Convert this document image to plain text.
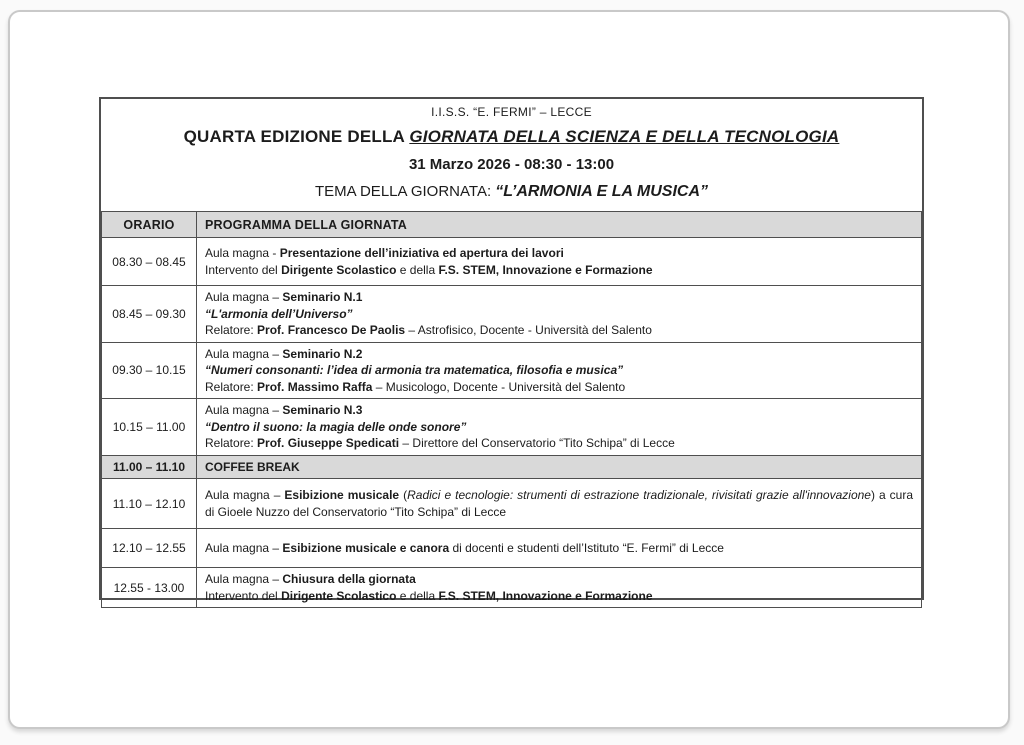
I.I.S.S. “E. FERMI” – LECCE
QUARTA EDIZIONE DELLA GIORNATA DELLA SCIENZA E DELLA TECNOLOGIA
31 Marzo 2026 - 08:30 - 13:00
TEMA DELLA GIORNATA: “L’ARMONIA E LA MUSICA”
ORARIO	PROGRAMMA DELLA GIORNATA
08.30 – 08.45	Aula magna - Presentazione dell’iniziativa ed apertura dei lavori
Intervento del Dirigente Scolastico e della F.S. STEM, Innovazione e Formazione

08.45 – 09.30	Aula magna – Seminario N.1
“L'armonia dell’Universo”
Relatore: Prof. Francesco De Paolis – Astrofisico, Docente - Università del Salento

09.30 – 10.15	Aula magna – Seminario N.2
“Numeri consonanti: l’idea di armonia tra matematica, filosofia e musica”
Relatore: Prof. Massimo Raffa – Musicologo, Docente - Università del Salento

10.15 – 11.00	Aula magna – Seminario N.3
“Dentro il suono: la magia delle onde sonore”
Relatore: Prof. Giuseppe Spedicati – Direttore del Conservatorio “Tito Schipa” di Lecce

11.00 – 11.10	COFFEE BREAK

11.10 – 12.10	Aula magna – Esibizione musicale (Radici e tecnologie: strumenti di estrazione tradizionale, rivisitati grazie all'innovazione) a cura di Gioele Nuzzo del Conservatorio “Tito Schipa” di Lecce

12.10 – 12.55	Aula magna – Esibizione musicale e canora di docenti e studenti dell’Istituto “E. Fermi” di Lecce

12.55 - 13.00	Aula magna – Chiusura della giornata
Intervento del Dirigente Scolastico e della F.S. STEM, Innovazione e Formazione
